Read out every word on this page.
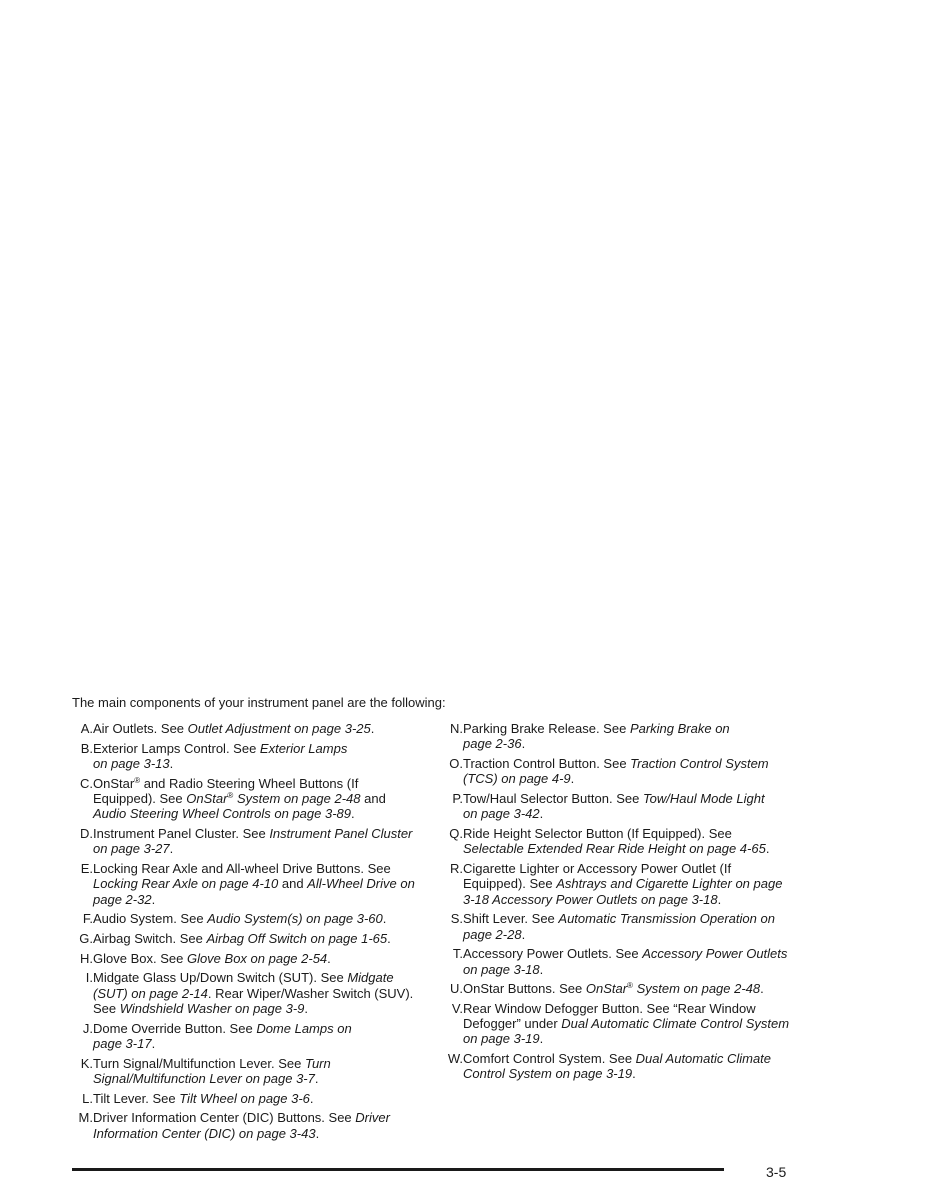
The main components of your instrument panel are the following:

A. Air Outlets. See Outlet Adjustment on page 3-25.
B. Exterior Lamps Control. See Exterior Lamps
on page 3-13.
C. OnStar® and Radio Steering Wheel Buttons (If Equipped). See OnStar® System on page 2-48 and Audio Steering Wheel Controls on page 3-89.
D. Instrument Panel Cluster. See Instrument Panel Cluster on page 3-27.
E. Locking Rear Axle and All-wheel Drive Buttons. See Locking Rear Axle on page 4-10 and All-Wheel Drive on page 2-32.
F. Audio System. See Audio System(s) on page 3-60.
G. Airbag Switch. See Airbag Off Switch on page 1-65.
H. Glove Box. See Glove Box on page 2-54.
I. Midgate Glass Up/Down Switch (SUT). See Midgate (SUT) on page 2-14. Rear Wiper/Washer Switch (SUV). See Windshield Washer on page 3-9.
J. Dome Override Button. See Dome Lamps on
page 3-17.
K. Turn Signal/Multifunction Lever. See Turn Signal/Multifunction Lever on page 3-7.
L. Tilt Lever. See Tilt Wheel on page 3-6.
M. Driver Information Center (DIC) Buttons. See Driver Information Center (DIC) on page 3-43.
N. Parking Brake Release. See Parking Brake on
page 2-36.
O. Traction Control Button. See Traction Control System (TCS) on page 4-9.
P. Tow/Haul Selector Button. See Tow/Haul Mode Light
on page 3-42.
Q. Ride Height Selector Button (If Equipped). See Selectable Extended Rear Ride Height on page 4-65.
R. Cigarette Lighter or Accessory Power Outlet (If Equipped). See Ashtrays and Cigarette Lighter on page 3-18 Accessory Power Outlets on page 3-18.
S. Shift Lever. See Automatic Transmission Operation on page 2-28.
T. Accessory Power Outlets. See Accessory Power Outlets on page 3-18.
U. OnStar Buttons. See OnStar® System on page 2-48.
V. Rear Window Defogger Button. See “Rear Window Defogger” under Dual Automatic Climate Control System on page 3-19.
W. Comfort Control System. See Dual Automatic Climate Control System on page 3-19.
3-5
